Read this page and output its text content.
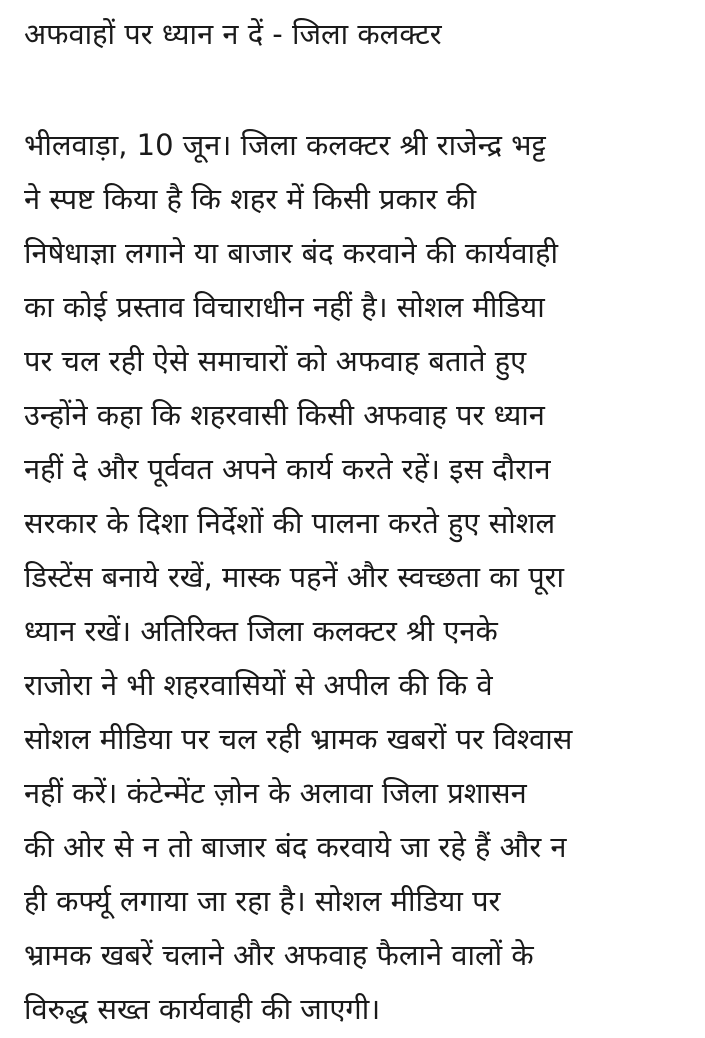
अफवाहों पर ध्यान न दें - जिला कलक्टर
भीलवाड़ा, 10 जून। जिला कलक्टर श्री राजेन्द्र भट्ट
ने स्पष्ट किया है कि शहर में किसी प्रकार की
निषेधाज्ञा लगाने या बाजार बंद करवाने की कार्यवाही
का कोई प्रस्ताव विचाराधीन नहीं है। सोशल मीडिया
पर चल रही ऐसे समाचारों को अफवाह बताते हुए
उन्होंने कहा कि शहरवासी किसी अफवाह पर ध्यान
नहीं दे और पूर्ववत अपने कार्य करते रहें। इस दौरान
सरकार के दिशा निर्देशों की पालना करते हुए सोशल
डिस्टेंस बनाये रखें, मास्क पहनें और स्वच्छता का पूरा
ध्यान रखें। अतिरिक्त जिला कलक्टर श्री एनके
राजोरा ने भी शहरवासियों से अपील की कि वे
सोशल मीडिया पर चल रही भ्रामक खबरों पर विश्वास
नहीं करें। कंटेन्मेंट ज़ोन के अलावा जिला प्रशासन
की ओर से न तो बाजार बंद करवाये जा रहे हैं और न
ही कर्फ्यू लगाया जा रहा है। सोशल मीडिया पर
भ्रामक खबरें चलाने और अफवाह फैलाने वालों के
विरुद्ध सख्त कार्यवाही की जाएगी।
